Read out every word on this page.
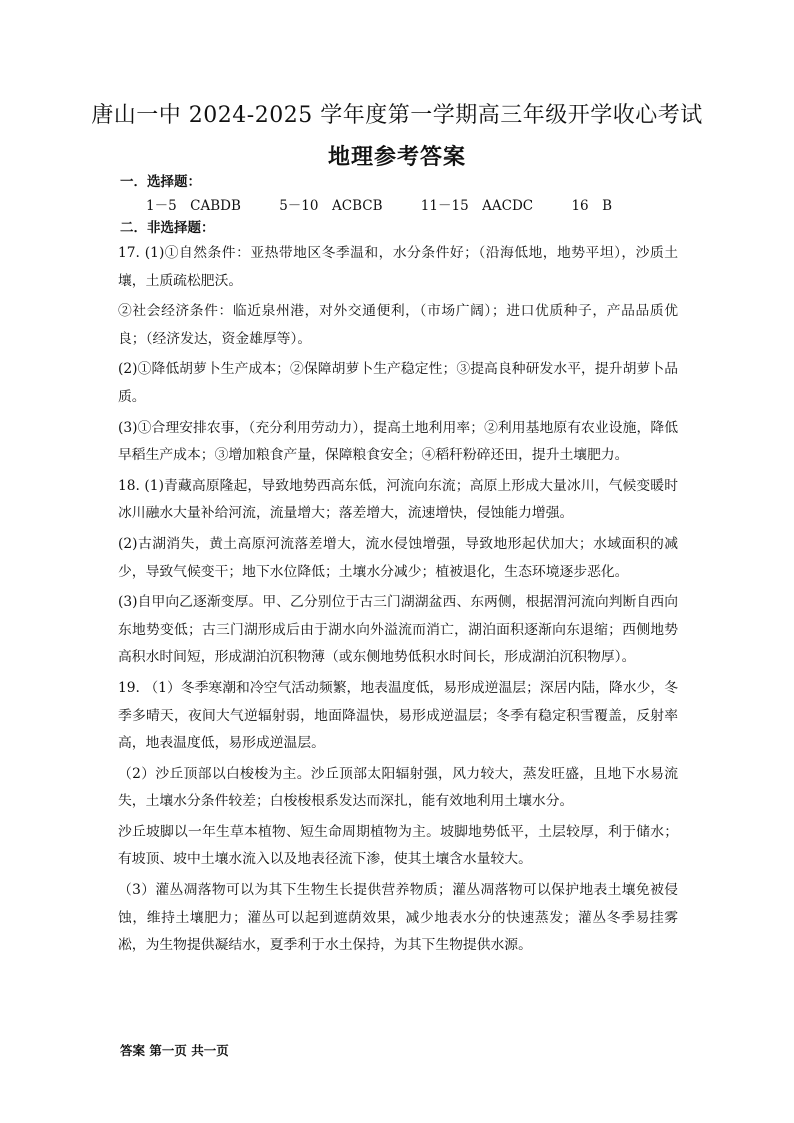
唐山一中 2024-2025 学年度第一学期高三年级开学收心考试
地理参考答案
一．选择题：
1－5　CABDB	5－10　ACBCB	11－15　AACDC	16　B
二．非选择题：

17. (1)①自然条件：亚热带地区冬季温和，水分条件好；（沿海低地，地势平坦），沙质土壤，土质疏松肥沃。

②社会经济条件：临近泉州港，对外交通便利，（市场广阔）；进口优质种子，产品品质优良；（经济发达，资金雄厚等）。

(2)①降低胡萝卜生产成本；②保障胡萝卜生产稳定性；③提高良种研发水平，提升胡萝卜品质。

(3)①合理安排农事，（充分利用劳动力），提高土地利用率；②利用基地原有农业设施，降低早稻生产成本；③增加粮食产量，保障粮食安全；④稻秆粉碎还田，提升土壤肥力。

18. (1)青藏高原隆起，导致地势西高东低，河流向东流；高原上形成大量冰川，气候变暖时冰川融水大量补给河流，流量增大；落差增大，流速增快，侵蚀能力增强。

(2)古湖消失，黄土高原河流落差增大，流水侵蚀增强，导致地形起伏加大；水域面积的减少，导致气候变干；地下水位降低；土壤水分减少；植被退化，生态环境逐步恶化。

(3)自甲向乙逐渐变厚。甲、乙分别位于古三门湖湖盆西、东两侧，根据渭河流向判断自西向东地势变低；古三门湖形成后由于湖水向外溢流而消亡，湖泊面积逐渐向东退缩；西侧地势高积水时间短，形成湖泊沉积物薄（或东侧地势低积水时间长，形成湖泊沉积物厚）。

19. （1）冬季寒潮和冷空气活动频繁，地表温度低，易形成逆温层；深居内陆，降水少，冬季多晴天，夜间大气逆辐射弱，地面降温快，易形成逆温层；冬季有稳定积雪覆盖，反射率高，地表温度低，易形成逆温层。

（2）沙丘顶部以白梭梭为主。沙丘顶部太阳辐射强，风力较大，蒸发旺盛，且地下水易流失，土壤水分条件较差；白梭梭根系发达而深扎，能有效地利用土壤水分。

沙丘坡脚以一年生草本植物、短生命周期植物为主。坡脚地势低平，土层较厚，利于储水；有坡顶、坡中土壤水流入以及地表径流下渗，使其土壤含水量较大。

（3）灌丛凋落物可以为其下生物生长提供营养物质；灌丛凋落物可以保护地表土壤免被侵蚀，维持土壤肥力；灌丛可以起到遮荫效果，减少地表水分的快速蒸发；灌丛冬季易挂雾凇，为生物提供凝结水，夏季利于水土保持，为其下生物提供水源。

答案 第一页 共一页
